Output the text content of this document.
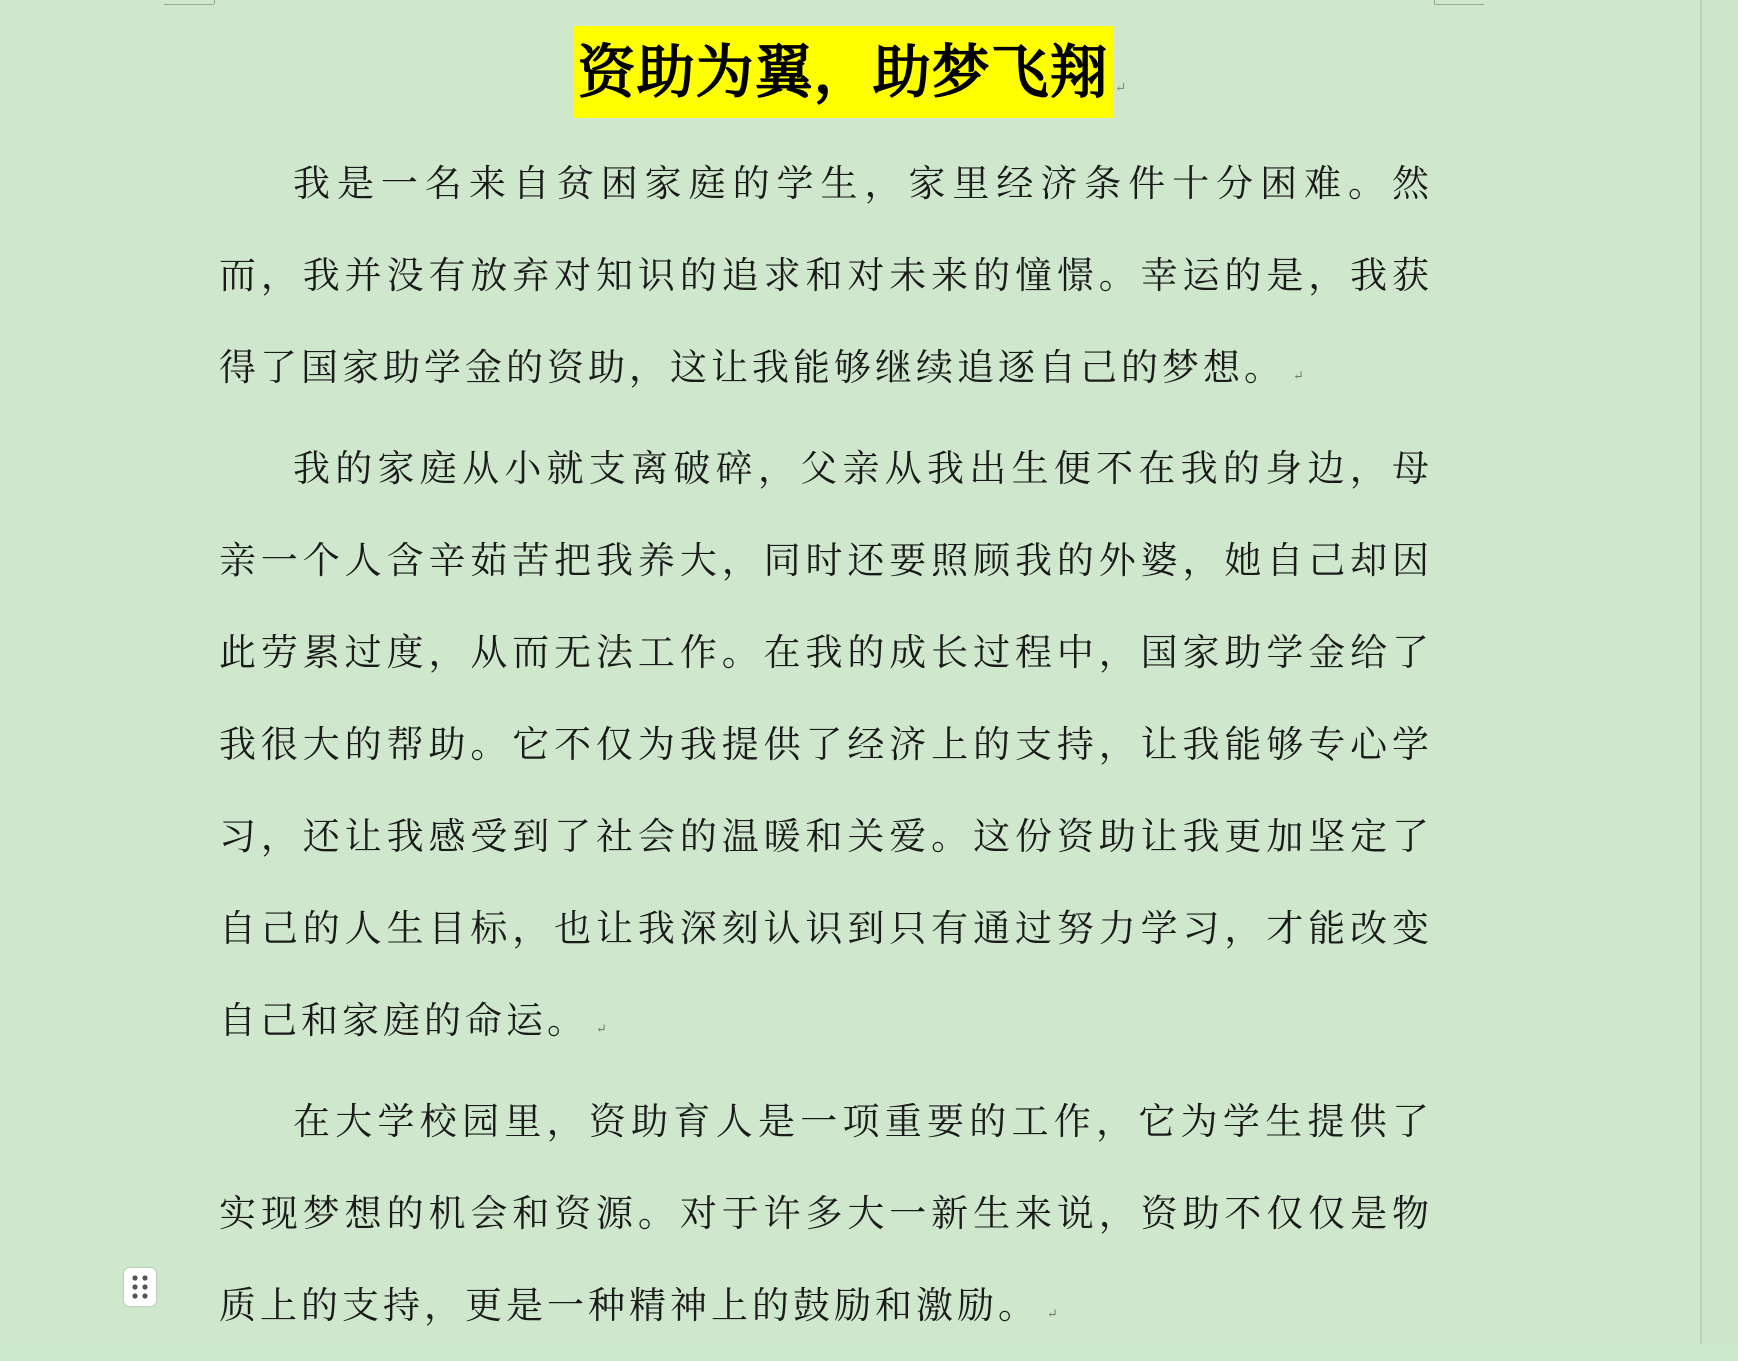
资助为翼，助梦飞翔 ↵

我是一名来自贫困家庭的学生，家里经济条件十分困难。然而，我并没有放弃对知识的追求和对未来的憧憬。幸运的是，我获得了国家助学金的资助，这让我能够继续追逐自己的梦想。 ↵

我的家庭从小就支离破碎，父亲从我出生便不在我的身边，母亲一个人含辛茹苦把我养大，同时还要照顾我的外婆，她自己却因此劳累过度，从而无法工作。在我的成长过程中，国家助学金给了我很大的帮助。它不仅为我提供了经济上的支持，让我能够专心学习，还让我感受到了社会的温暖和关爱。这份资助让我更加坚定了自己的人生目标，也让我深刻认识到只有通过努力学习，才能改变自己和家庭的命运。 ↵

在大学校园里，资助育人是一项重要的工作，它为学生提供了实现梦想的机会和资源。对于许多大一新生来说，资助不仅仅是物质上的支持，更是一种精神上的鼓励和激励。 ↵
